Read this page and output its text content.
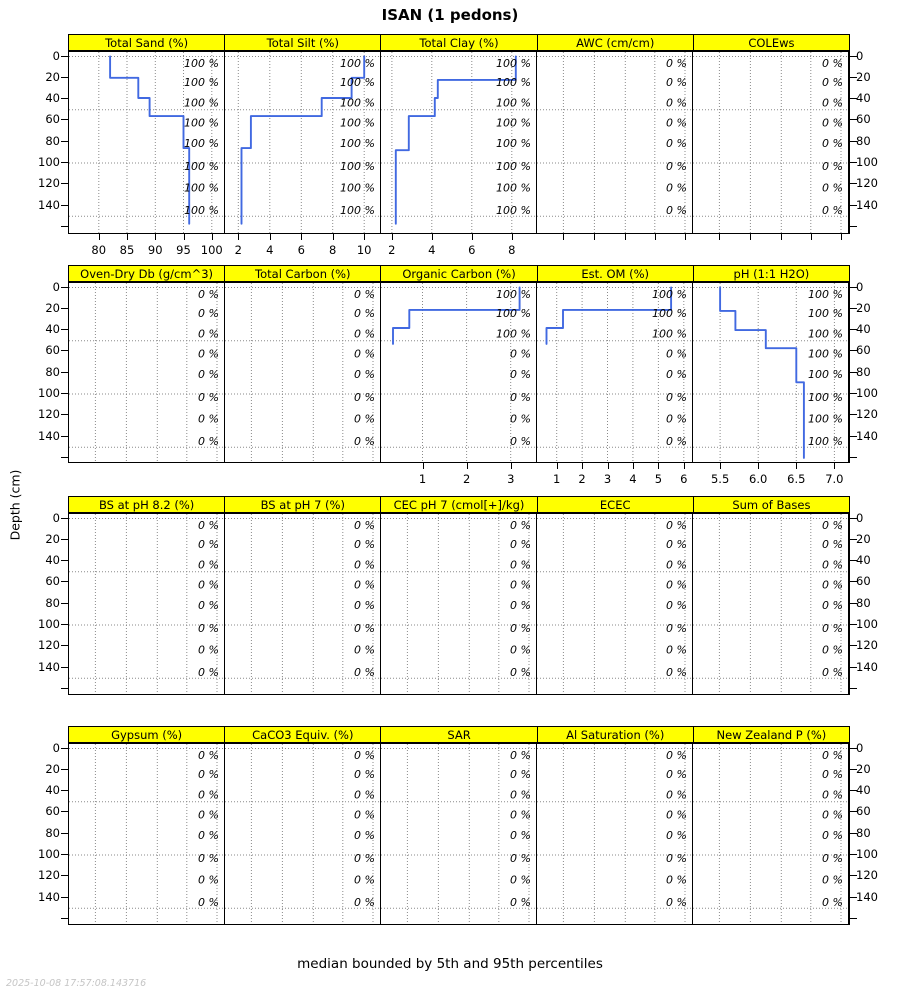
ISAN (1 pedons)
Depth (cm)
Total Sand (%)	Total Silt (%)	Total Clay (%)	AWC (cm/cm)	COLEws
100 %
100 %
100 %
100 %
100 %
100 %
100 %
100 %
80	85	90	95 100
100 %
100 %
100 %
100 %
100 %
100 %
100 %
100 %
2	4	6	8	10
100 %
100 %
100 %
100 %
100 %
100 %
100 %
100 %
2	4	6	8
0 %
0 %
0 %
0 %
0 %
0 %
0 %
0 %
0 %
0 %
0 %
0 %
0 %
0 %
0 %
0 %
0	0
20	20
40	40
60	60
80	80
100	100
120	120
140	140
Oven-Dry Db (g/cm^3)	Total Carbon (%)	Organic Carbon (%)	Est. OM (%)	pH (1:1 H2O)
0 %
0 %
0 %
0 %
0 %
0 %
0 %
0 %
0 %
0 %
0 %
0 %
0 %
0 %
0 %
0 %
100 %
100 %
100 %
0 %
0 %
0 %
0 %
0 %
1	2	3
100 %
100 %
100 %
0 %
0 %
0 %
0 %
0 %
1	2	3	4	5	6
100 %
100 %
100 %
100 %
100 %
100 %
100 %
100 %
5.5	6.0	6.5	7.0
0	0
20	20
40	40
60	60
80	80
100	100
120	120
140	140
BS at pH 8.2 (%)	BS at pH 7 (%)	CEC pH 7 (cmol[+]/kg)	ECEC	Sum of Bases
0 %
0 %
0 %
0 %
0 %
0 %
0 %
0 %
0 %
0 %
0 %
0 %
0 %
0 %
0 %
0 %
0 %
0 %
0 %
0 %
0 %
0 %
0 %
0 %
0 %
0 %
0 %
0 %
0 %
0 %
0 %
0 %
0 %
0 %
0 %
0 %
0 %
0 %
0 %
0 %
0	0
20	20
40	40
60	60
80	80
100	100
120	120
140	140
Gypsum (%)	CaCO3 Equiv. (%)	SAR	Al Saturation (%)	New Zealand P (%)
0 %
0 %
0 %
0 %
0 %
0 %
0 %
0 %
0 %
0 %
0 %
0 %
0 %
0 %
0 %
0 %
0 %
0 %
0 %
0 %
0 %
0 %
0 %
0 %
0 %
0 %
0 %
0 %
0 %
0 %
0 %
0 %
0 %
0 %
0 %
0 %
0 %
0 %
0 %
0 %
0	0
20	20
40	40
60	60
80	80
100	100
120	120
140	140
median bounded by 5th and 95th percentiles
2025-10-08 17:57:08.143716
